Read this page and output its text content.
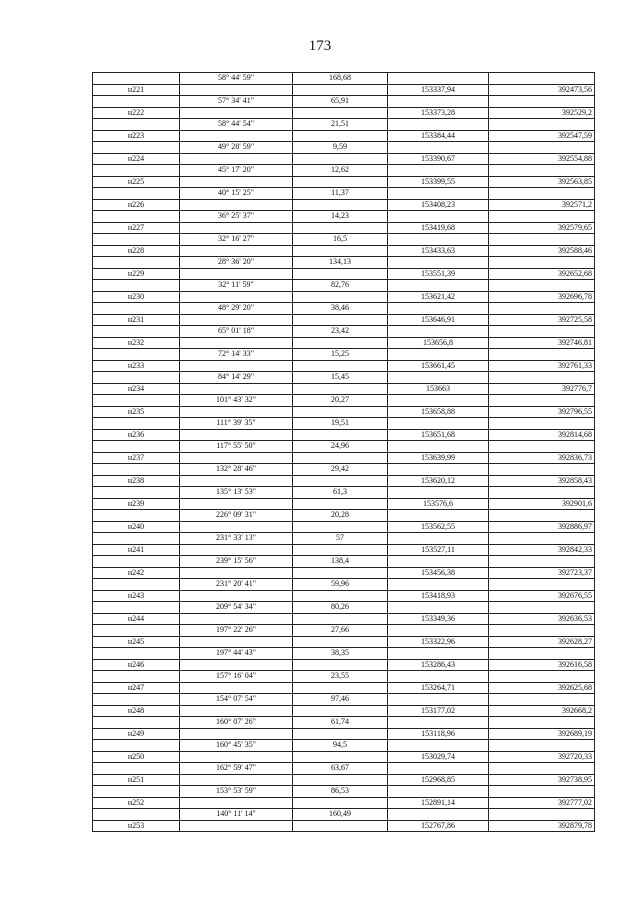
173
	58° 44' 59"	168,68		
н221			153337,94	392473,56
	57° 34' 41"	65,91		
н222			153373,28	392529,2
	58° 44' 54"	21,51		
н223			153384,44	392547,59
	49° 28' 59"	9,59		
н224			153390,67	392554,88
	45° 17' 20"	12,62		
н225			153399,55	392563,85
	40° 15' 25"	11,37		
н226			153408,23	392571,2
	36° 25' 37"	14,23		
н227			153419,68	392579,65
	32° 16' 27"	16,5		
н228			153433,63	392588,46
	28° 36' 20"	134,13		
н229			153551,39	392652,68
	32° 11' 59"	82,76		
н230			153621,42	392696,78
	48° 29' 20"	38,46		
н231			153646,91	392725,58
	65° 01' 18"	23,42		
н232			153656,8	392746,81
	72° 14' 33"	15,25		
н233			153661,45	392761,33
	84° 14' 29"	15,45		
н234			153663	392776,7
	101° 43' 32"	20,27		
н235			153658,88	392796,55
	111° 39' 35"	19,51		
н236			153651,68	392814,68
	117° 55' 50"	24,96		
н237			153639,99	392836,73
	132° 28' 46"	29,42		
н238			153620,12	392858,43
	135° 13' 53"	61,3		
н239			153576,6	392901,6
	226° 09' 31"	20,28		
н240			153562,55	392886,97
	231° 33' 13"	57		
н241			153527,11	392842,33
	239° 15' 56"	138,4		
н242			153456,38	392723,37
	231° 20' 41"	59,96		
н243			153418,93	392676,55
	209° 54' 34"	80,26		
н244			153349,36	392636,53
	197° 22' 26"	27,66		
н245			153322,96	392628,27
	197° 44' 43"	38,35		
н246			153286,43	392616,58
	157° 16' 04"	23,55		
н247			153264,71	392625,68
	154° 07' 54"	97,46		
н248			153177,02	392668,2
	160° 07' 26"	61,74		
н249			153118,96	392689,19
	160° 45' 35"	94,5		
н250			153029,74	392720,33
	162° 59' 47"	63,67		
н251			152968,85	392738,95
	153° 53' 59"	86,53		
н252			152891,14	392777,02
	140° 11' 14"	160,49		
н253			152767,86	392879,78
